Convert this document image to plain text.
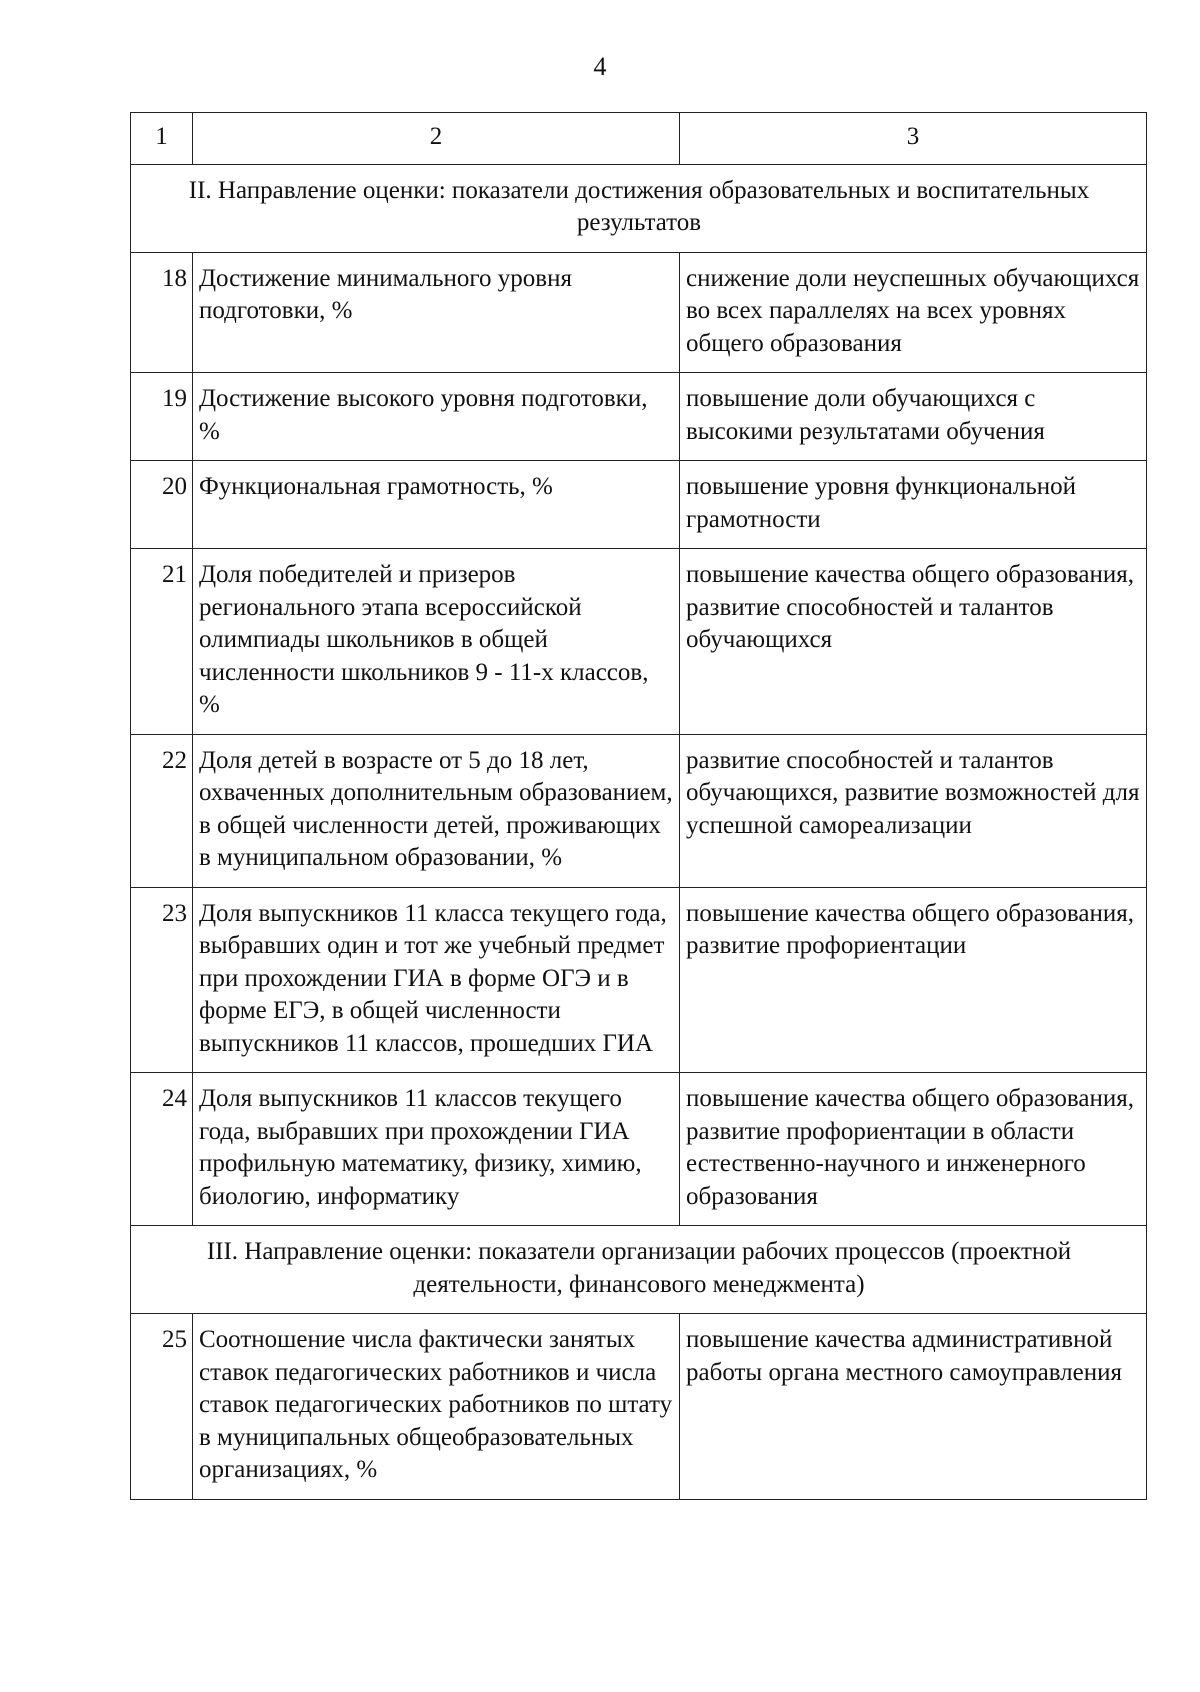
4
1	2	3
II. Направление оценки: показатели достижения образовательных и воспитательных результатов		
18	Достижение минимального уровня подготовки, %	снижение доли неуспешных обучающихся во всех параллелях на всех уровнях общего образования
19	Достижение высокого уровня подготовки, %	повышение доли обучающихся с высокими результатами обучения
20	Функциональная грамотность, %	повышение уровня функциональной грамотности
21	Доля победителей и призеров регионального этапа всероссийской олимпиады школьников в общей численности школьников 9 - 11-х классов, %	повышение качества общего образования, развитие способностей и талантов обучающихся
22	Доля детей в возрасте от 5 до 18 лет, охваченных дополнительным образованием, в общей численности детей, проживающих в муниципальном образовании, %	развитие способностей и талантов обучающихся, развитие возможностей для успешной самореализации
23	Доля выпускников 11 класса текущего года, выбравших один и тот же учебный предмет при прохождении ГИА в форме ОГЭ и в форме ЕГЭ, в общей численности выпускников 11 классов, прошедших ГИА	повышение качества общего образования, развитие профориентации
24	Доля выпускников 11 классов текущего года, выбравших при прохождении ГИА профильную математику, физику, химию, биологию, информатику	повышение качества общего образования, развитие профориентации в области естественно-научного и инженерного образования
III. Направление оценки: показатели организации рабочих процессов (проектной деятельности, финансового менеджмента)		
25	Соотношение числа фактически занятых ставок педагогических работников и числа ставок педагогических работников по штату в муниципальных общеобразовательных организациях, %	повышение качества административной работы органа местного самоуправления
